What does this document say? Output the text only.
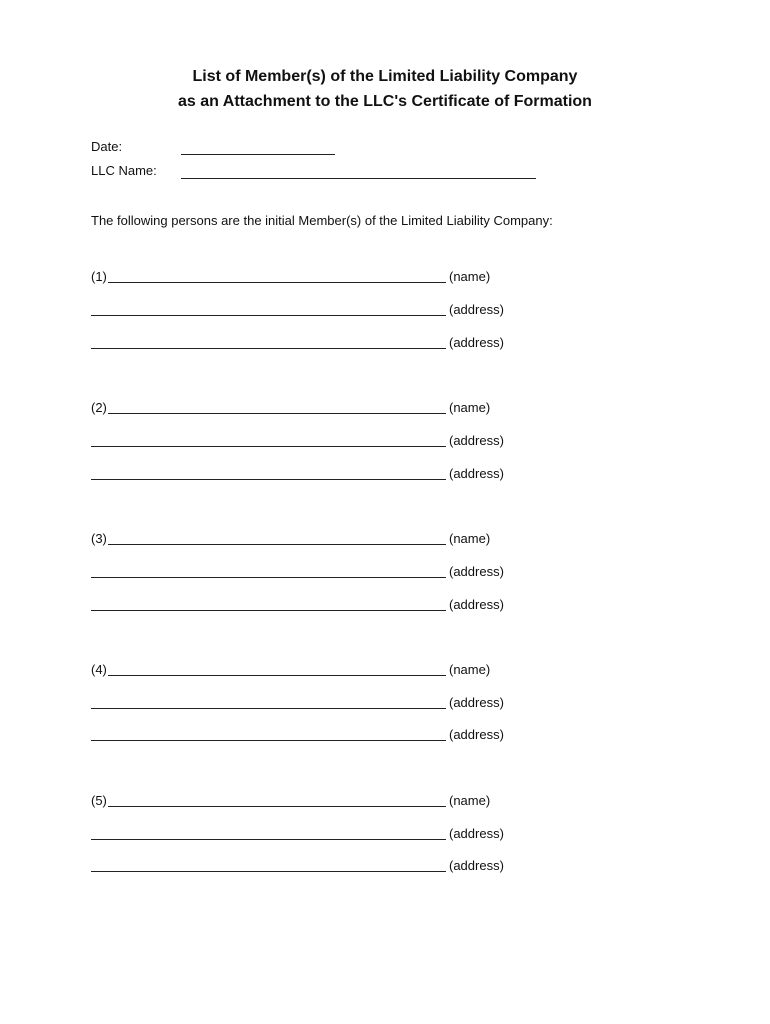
List of Member(s) of the Limited Liability Company
as an Attachment to the LLC's Certificate of Formation
Date:
LLC Name:
The following persons are the initial Member(s) of the Limited Liability Company:
(1)	(name)
(address)
(address)
(2)	(name)
(address)
(address)
(3)	(name)
(address)
(address)
(4)	(name)
(address)
(address)
(5)	(name)
(address)
(address)
